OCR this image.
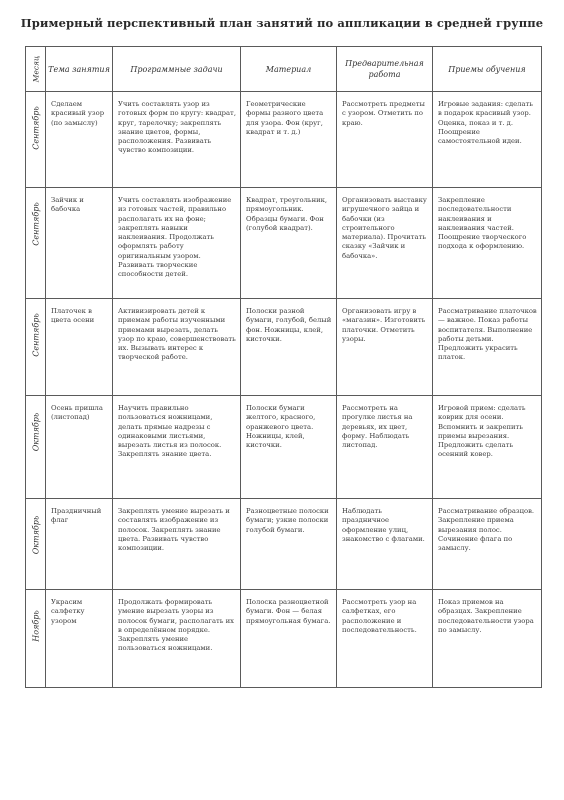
Примерный перспективный план занятий по аппликации в средней группе
Месяц	Тема занятия	Программные задачи	Материал	Предварительная работа	Приемы обучения

Сентябрь	Сделаем красивый узор (по замыслу)	Учить составлять узор из готовых форм по кругу: квадрат, круг, тарелочку; закреплять знание цветов, формы, расположения. Развивать чувство композиции.	Геометрические формы разного цвета для узора. Фон (круг, квадрат и т. д.)	Рассмотреть предметы с узором. Отметить по краю.	Игровые задания: сделать в подарок красивый узор. Оценка, показ и т. д. Поощрение самостоятельной идеи.

Сентябрь	Зайчик и бабочка	Учить составлять изображение из готовых частей, правильно располагать их на фоне; закреплять навыки наклеивания. Продолжать оформлять работу оригинальным узором. Развивать творческие способности детей.	Квадрат, треугольник, прямоугольник. Образцы бумаги. Фон (голубой квадрат).	Организовать выставку игрушечного зайца и бабочки (из строительного материала). Прочитать сказку «Зайчик и бабочка».	Закрепление последовательности наклеивания и наклеивания частей. Поощрение творческого подхода к оформлению.

Сентябрь	Платочек в цвета осени	Активизировать детей к приемам работы изученными приемами вырезать, делать узор по краю, совершенствовать их. Вызывать интерес к творческой работе.	Полоски разной бумаги, голубой, белый фон. Ножницы, клей, кисточки.	Организовать игру в «магазин». Изготовить платочки. Отметить узоры.	Рассматривание платочков — важное. Показ работы воспитателя. Выполнение работы детьми. Предложить украсить платок.

Октябрь	Осень пришла (листопад)	Научить правильно пользоваться ножницами, делать прямые надрезы с одинаковыми листьями, вырезать листья из полосок. Закреплять знание цвета.	Полоски бумаги желтого, красного, оранжевого цвета. Ножницы, клей, кисточки.	Рассмотреть на прогулке листья на деревьях, их цвет, форму. Наблюдать листопад.	Игровой прием: сделать коврик для осени. Вспомнить и закрепить приемы вырезания. Предложить сделать осенний ковер.

Октябрь	Праздничный флаг	Закреплять умение вырезать и составлять изображение из полосок. Закреплять знание цвета. Развивать чувство композиции.	Разноцветные полоски бумаги; узкие полоски голубой бумаги.	Наблюдать праздничное оформление улиц, знакомство с флагами.	Рассматривание образцов. Закрепление приема вырезания полос. Сочинение флага по замыслу.

Ноябрь	Украсим салфетку узором	Продолжать формировать умение вырезать узоры из полосок бумаги, располагать их в определённом порядке. Закреплять умение пользоваться ножницами.	Полоска разноцветной бумаги. Фон — белая прямоугольная бумага.	Рассмотреть узор на салфетках, его расположение и последовательность.	Показ приемов на образцах. Закрепление последовательности узора по замыслу.
